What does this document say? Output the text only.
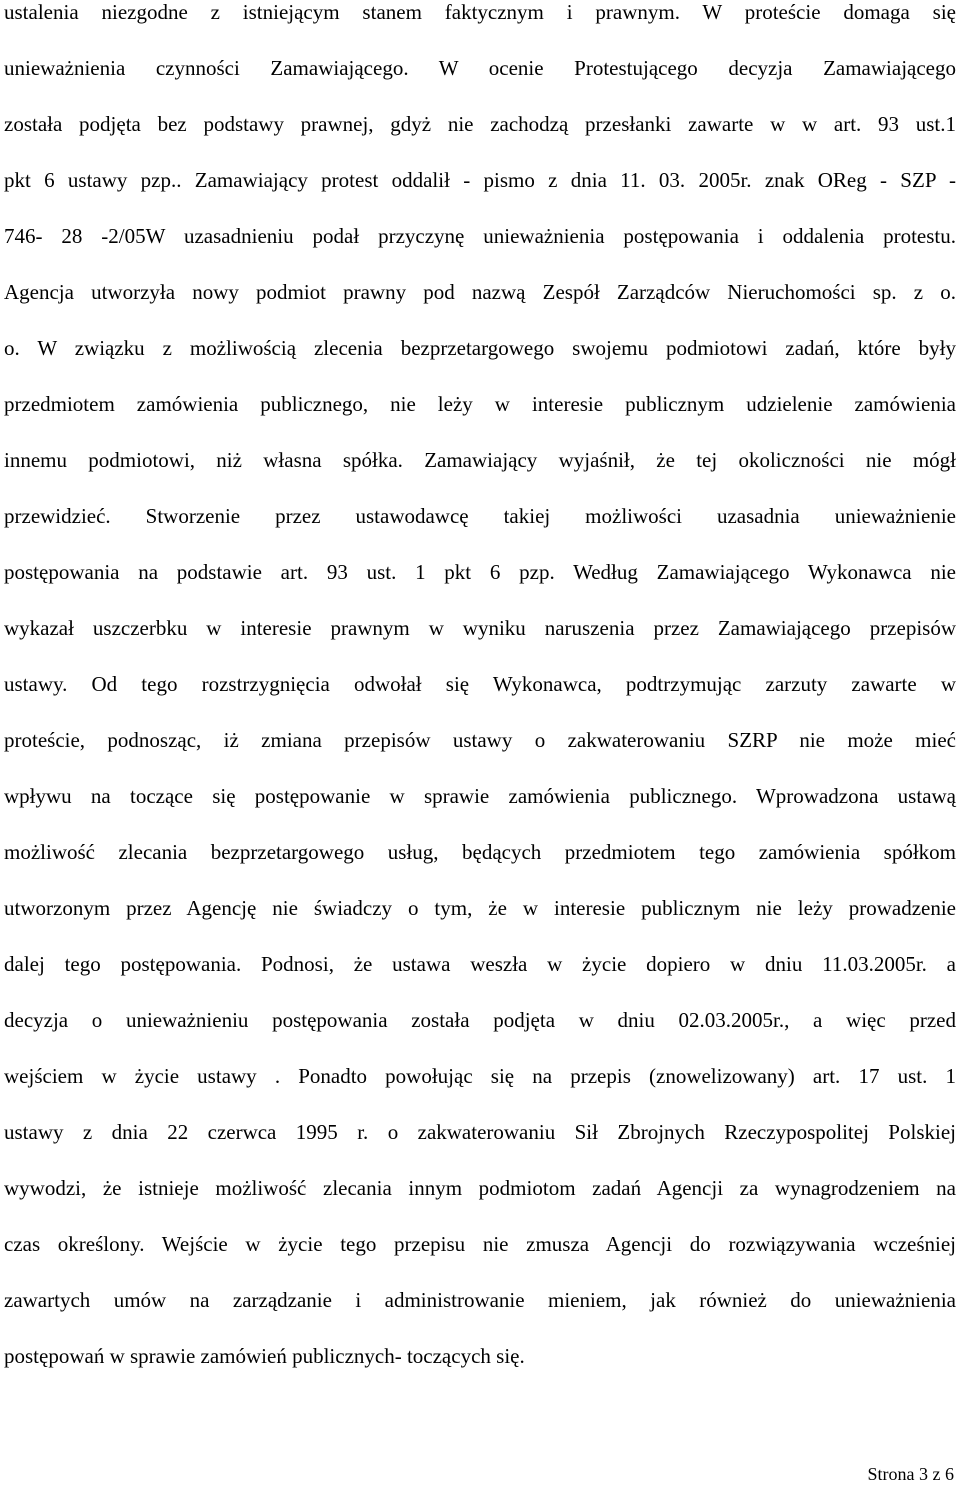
ustalenia niezgodne z istniejącym stanem faktycznym i prawnym. W proteście domaga się
unieważnienia czynności Zamawiającego. W ocenie Protestującego decyzja Zamawiającego
została podjęta bez podstawy prawnej, gdyż nie zachodzą przesłanki zawarte w w art. 93 ust.1
pkt 6 ustawy pzp.. Zamawiający protest oddalił - pismo z dnia 11. 03. 2005r. znak OReg - SZP -
746- 28 -2/05W uzasadnieniu podał przyczynę unieważnienia postępowania i oddalenia protestu.
Agencja utworzyła nowy podmiot prawny pod nazwą Zespół Zarządców Nieruchomości sp. z o.
o. W związku z możliwością zlecenia bezprzetargowego swojemu podmiotowi zadań, które były
przedmiotem zamówienia publicznego, nie leży w interesie publicznym udzielenie zamówienia
innemu podmiotowi, niż własna spółka. Zamawiający wyjaśnił, że tej okoliczności nie mógł
przewidzieć. Stworzenie przez ustawodawcę takiej możliwości uzasadnia unieważnienie
postępowania na podstawie art. 93 ust. 1 pkt 6 pzp. Według Zamawiającego Wykonawca nie
wykazał uszczerbku w interesie prawnym w wyniku naruszenia przez Zamawiającego przepisów
ustawy. Od tego rozstrzygnięcia odwołał się Wykonawca, podtrzymując zarzuty zawarte w
proteście, podnosząc, iż zmiana przepisów ustawy o zakwaterowaniu SZRP nie może mieć
wpływu na toczące się postępowanie w sprawie zamówienia publicznego. Wprowadzona ustawą
możliwość zlecania bezprzetargowego usług, będących przedmiotem tego zamówienia spółkom
utworzonym przez Agencję nie świadczy o tym, że w interesie publicznym nie leży prowadzenie
dalej tego postępowania. Podnosi, że ustawa weszła w życie dopiero w dniu 11.03.2005r. a
decyzja o unieważnieniu postępowania została podjęta w dniu 02.03.2005r., a więc przed
wejściem w życie ustawy . Ponadto powołując się na przepis (znowelizowany) art. 17 ust. 1
ustawy z dnia 22 czerwca 1995 r. o zakwaterowaniu Sił Zbrojnych Rzeczypospolitej Polskiej
wywodzi, że istnieje możliwość zlecania innym podmiotom zadań Agencji za wynagrodzeniem na
czas określony. Wejście w życie tego przepisu nie zmusza Agencji do rozwiązywania wcześniej
zawartych umów na zarządzanie i administrowanie mieniem, jak również do unieważnienia
postępowań w sprawie zamówień publicznych- toczących się.
Strona 3 z 6
